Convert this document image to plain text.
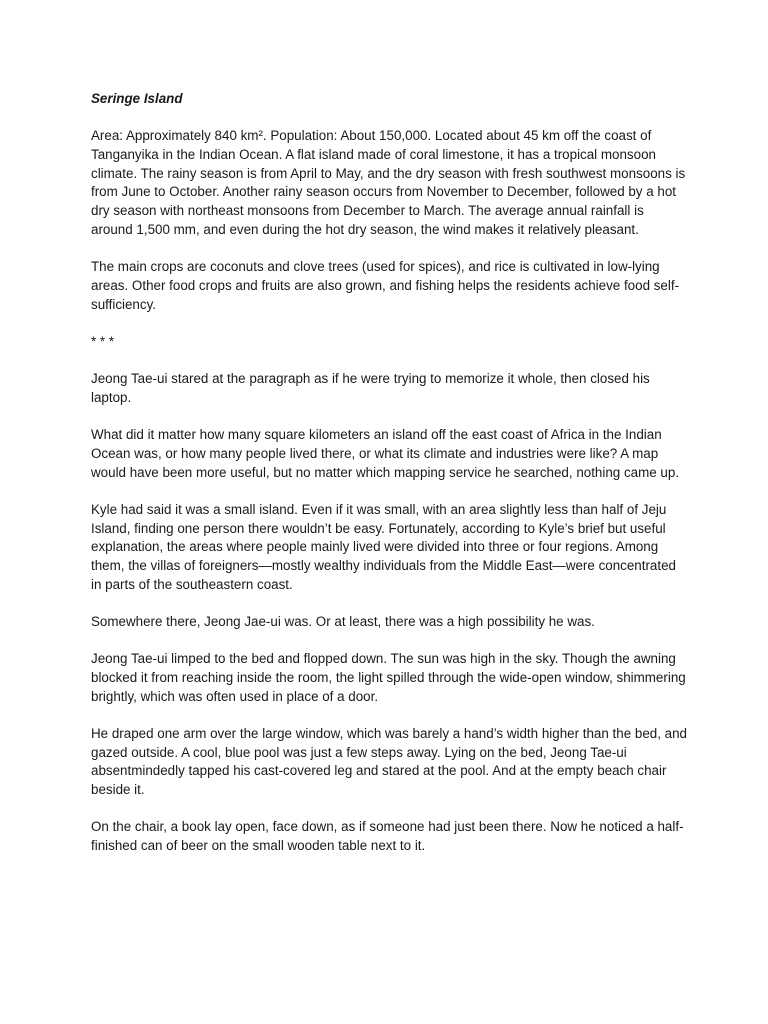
Seringe Island

Area: Approximately 840 km². Population: About 150,000. Located about 45 km off the coast of Tanganyika in the Indian Ocean. A flat island made of coral limestone, it has a tropical monsoon climate. The rainy season is from April to May, and the dry season with fresh southwest monsoons is from June to October. Another rainy season occurs from November to December, followed by a hot dry season with northeast monsoons from December to March. The average annual rainfall is around 1,500 mm, and even during the hot dry season, the wind makes it relatively pleasant.

The main crops are coconuts and clove trees (used for spices), and rice is cultivated in low-lying areas. Other food crops and fruits are also grown, and fishing helps the residents achieve food self-sufficiency.

* * *

Jeong Tae-ui stared at the paragraph as if he were trying to memorize it whole, then closed his laptop.

What did it matter how many square kilometers an island off the east coast of Africa in the Indian Ocean was, or how many people lived there, or what its climate and industries were like? A map would have been more useful, but no matter which mapping service he searched, nothing came up.

Kyle had said it was a small island. Even if it was small, with an area slightly less than half of Jeju Island, finding one person there wouldn’t be easy. Fortunately, according to Kyle’s brief but useful explanation, the areas where people mainly lived were divided into three or four regions. Among them, the villas of foreigners—mostly wealthy individuals from the Middle East—were concentrated in parts of the southeastern coast.

Somewhere there, Jeong Jae-ui was. Or at least, there was a high possibility he was.

Jeong Tae-ui limped to the bed and flopped down. The sun was high in the sky. Though the awning blocked it from reaching inside the room, the light spilled through the wide-open window, shimmering brightly, which was often used in place of a door.

He draped one arm over the large window, which was barely a hand’s width higher than the bed, and gazed outside. A cool, blue pool was just a few steps away. Lying on the bed, Jeong Tae-ui absentmindedly tapped his cast-covered leg and stared at the pool. And at the empty beach chair beside it.

On the chair, a book lay open, face down, as if someone had just been there. Now he noticed a half-finished can of beer on the small wooden table next to it.
